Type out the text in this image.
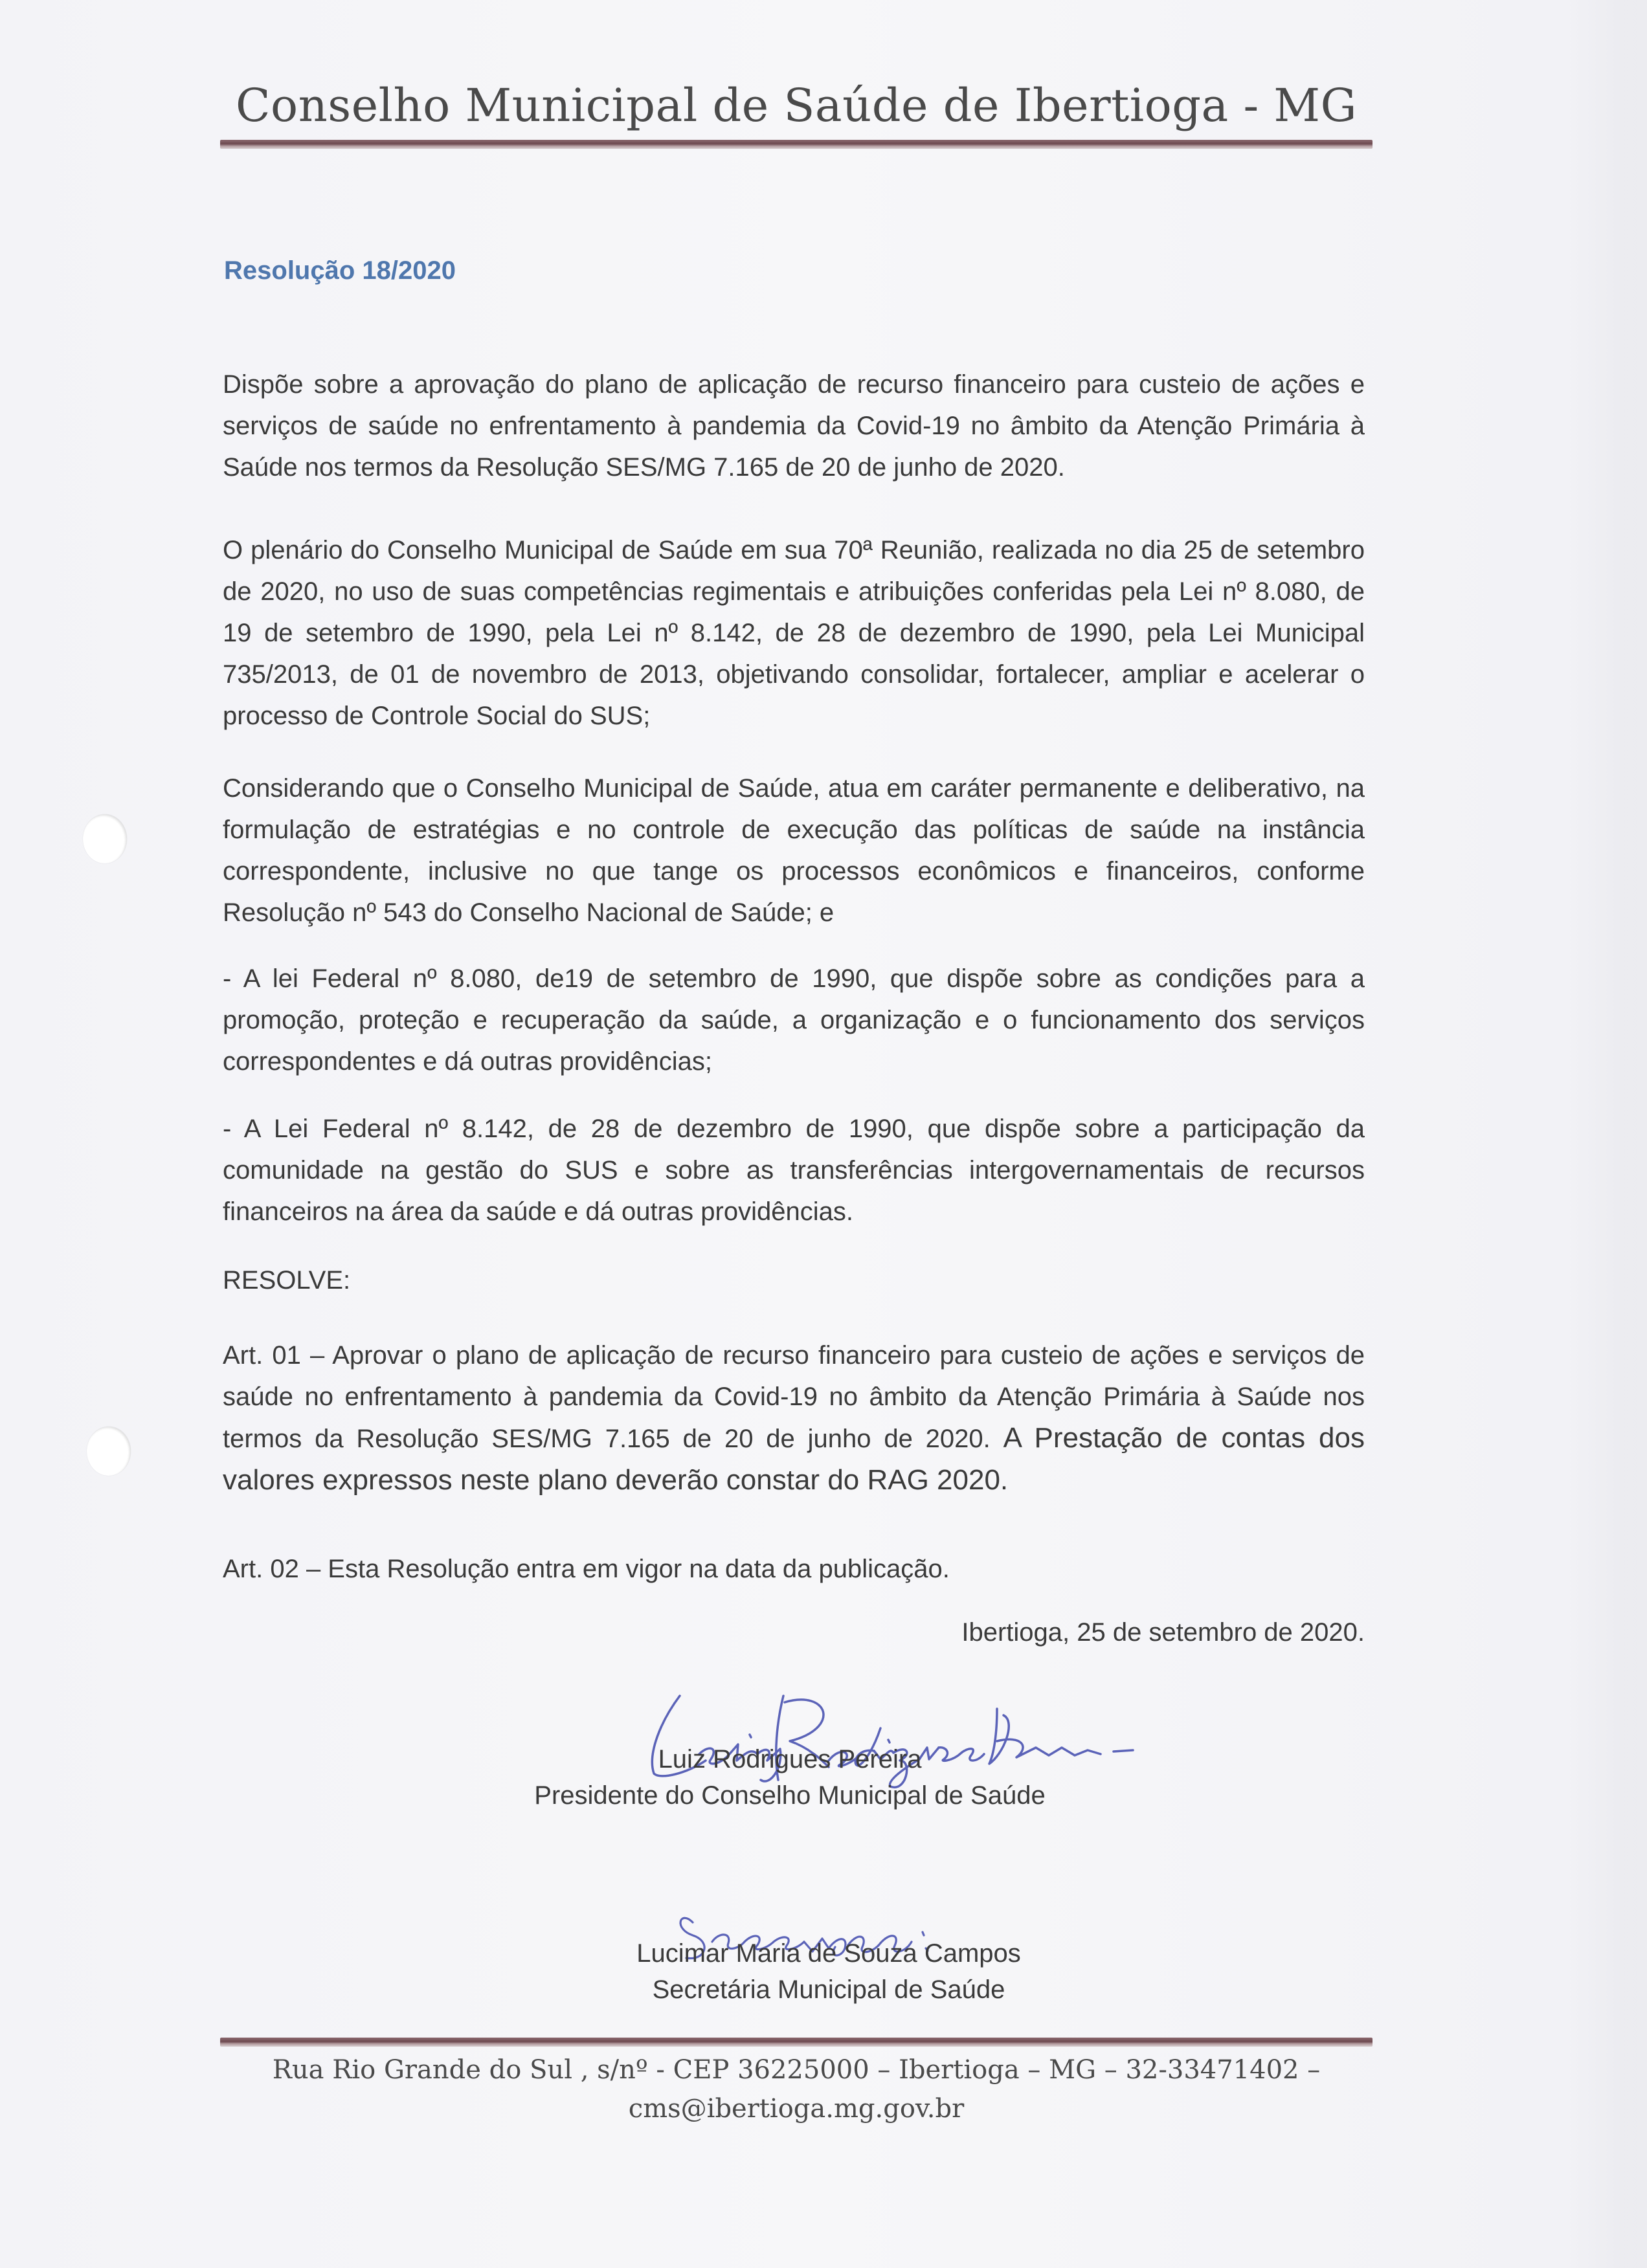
Conselho Municipal de Saúde de Ibertioga - MG
Resolução 18/2020
Dispõe sobre a aprovação do plano de aplicação de recurso financeiro para custeio de ações e serviços de saúde no enfrentamento à pandemia da Covid-19 no âmbito da Atenção Primária à Saúde nos termos da Resolução SES/MG 7.165 de 20 de junho de 2020.
O plenário do Conselho Municipal de Saúde em sua 70ª Reunião, realizada no dia 25 de setembro de 2020, no uso de suas competências regimentais e atribuições conferidas pela Lei nº 8.080, de 19 de setembro de 1990, pela Lei nº 8.142, de 28 de dezembro de 1990, pela Lei Municipal 735/2013, de 01 de novembro de 2013, objetivando consolidar, fortalecer, ampliar e acelerar o processo de Controle Social do SUS;
Considerando que o Conselho Municipal de Saúde, atua em caráter permanente e deliberativo, na formulação de estratégias e no controle de execução das políticas de saúde na instância correspondente, inclusive no que tange os processos econômicos e financeiros, conforme Resolução nº 543 do Conselho Nacional de Saúde; e
- A lei Federal nº 8.080, de19 de setembro de 1990, que dispõe sobre as condições para a promoção, proteção e recuperação da saúde, a organização e o funcionamento dos serviços correspondentes e dá outras providências;
- A Lei Federal nº 8.142, de 28 de dezembro de 1990, que dispõe sobre a participação da comunidade na gestão do SUS e sobre as transferências intergovernamentais de recursos financeiros na área da saúde e dá outras providências.
RESOLVE:
Art. 01 – Aprovar o plano de aplicação de recurso financeiro para custeio de ações e serviços de saúde no enfrentamento à pandemia da Covid-19 no âmbito da Atenção Primária à Saúde nos termos da Resolução SES/MG 7.165 de 20 de junho de 2020. A Prestação de contas dos valores expressos neste plano deverão constar do RAG 2020.
Art. 02 – Esta Resolução entra em vigor na data da publicação.
Ibertioga, 25 de setembro de 2020.
Luiz Rodrigues Pereira
Presidente do Conselho Municipal de Saúde
Lucimar Maria de Souza Campos
Secretária Municipal de Saúde
Rua Rio Grande do Sul , s/nº - CEP 36225000 – Ibertioga – MG – 32-33471402 –
cms@ibertioga.mg.gov.br
